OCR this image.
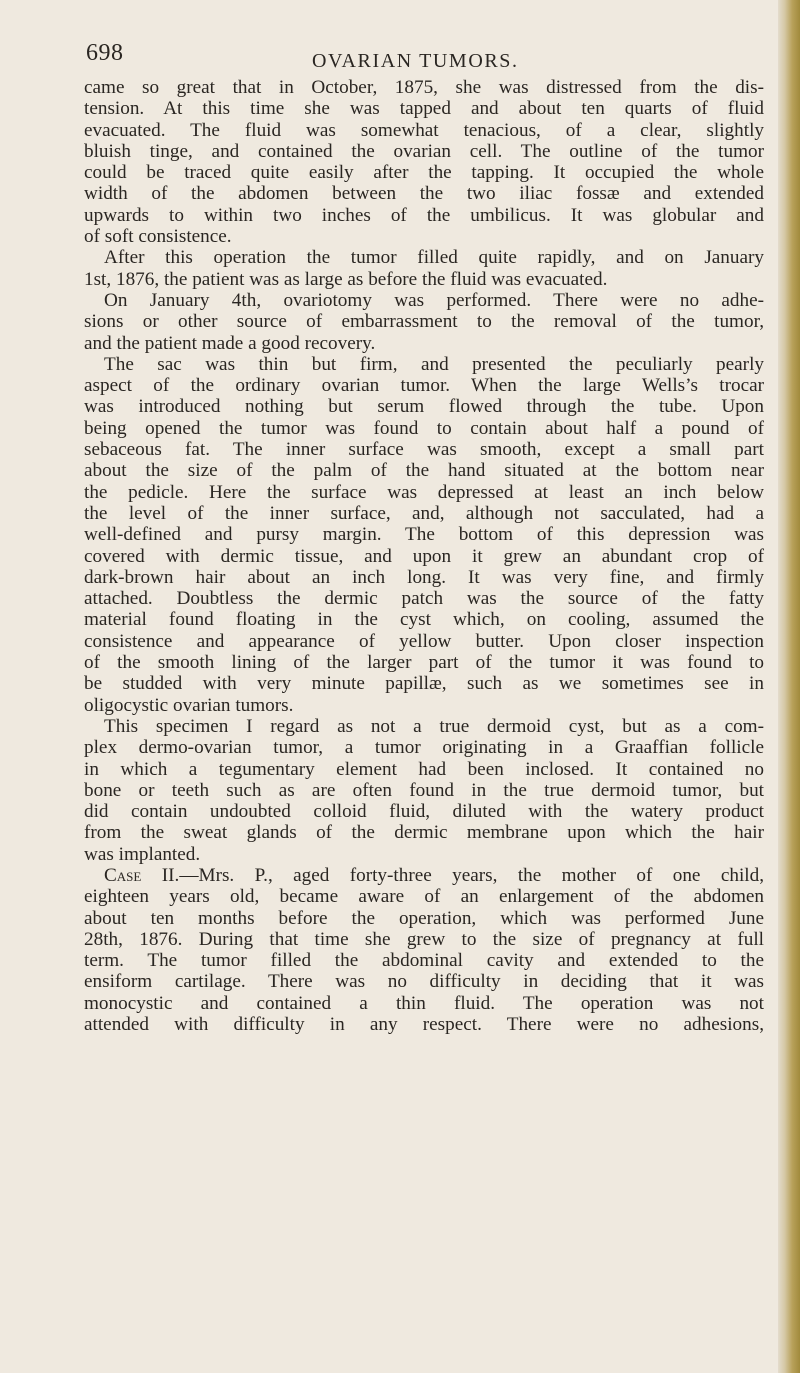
698	OVARIAN TUMORS.
came so great that in October, 1875, she was distressed from the dis-
tension. At this time she was tapped and about ten quarts of fluid
evacuated. The fluid was somewhat tenacious, of a clear, slightly
bluish tinge, and contained the ovarian cell. The outline of the tumor
could be traced quite easily after the tapping. It occupied the whole
width of the abdomen between the two iliac fossæ and extended
upwards to within two inches of the umbilicus. It was globular and
of soft consistence.
After this operation the tumor filled quite rapidly, and on January
1st, 1876, the patient was as large as before the fluid was evacuated.
On January 4th, ovariotomy was performed. There were no adhe-
sions or other source of embarrassment to the removal of the tumor,
and the patient made a good recovery.
The sac was thin but firm, and presented the peculiarly pearly
aspect of the ordinary ovarian tumor. When the large Wells’s trocar
was introduced nothing but serum flowed through the tube. Upon
being opened the tumor was found to contain about half a pound of
sebaceous fat. The inner surface was smooth, except a small part
about the size of the palm of the hand situated at the bottom near
the pedicle. Here the surface was depressed at least an inch below
the level of the inner surface, and, although not sacculated, had a
well-defined and pursy margin. The bottom of this depression was
covered with dermic tissue, and upon it grew an abundant crop of
dark-brown hair about an inch long. It was very fine, and firmly
attached. Doubtless the dermic patch was the source of the fatty
material found floating in the cyst which, on cooling, assumed the
consistence and appearance of yellow butter. Upon closer inspection
of the smooth lining of the larger part of the tumor it was found to
be studded with very minute papillæ, such as we sometimes see in
oligocystic ovarian tumors.
This specimen I regard as not a true dermoid cyst, but as a com-
plex dermo-ovarian tumor, a tumor originating in a Graaffian follicle
in which a tegumentary element had been inclosed. It contained no
bone or teeth such as are often found in the true dermoid tumor, but
did contain undoubted colloid fluid, diluted with the watery product
from the sweat glands of the dermic membrane upon which the hair
was implanted.
Case II.—Mrs. P., aged forty-three years, the mother of one child,
eighteen years old, became aware of an enlargement of the abdomen
about ten months before the operation, which was performed June
28th, 1876. During that time she grew to the size of pregnancy at full
term. The tumor filled the abdominal cavity and extended to the
ensiform cartilage. There was no difficulty in deciding that it was
monocystic and contained a thin fluid. The operation was not
attended with difficulty in any respect. There were no adhesions,
